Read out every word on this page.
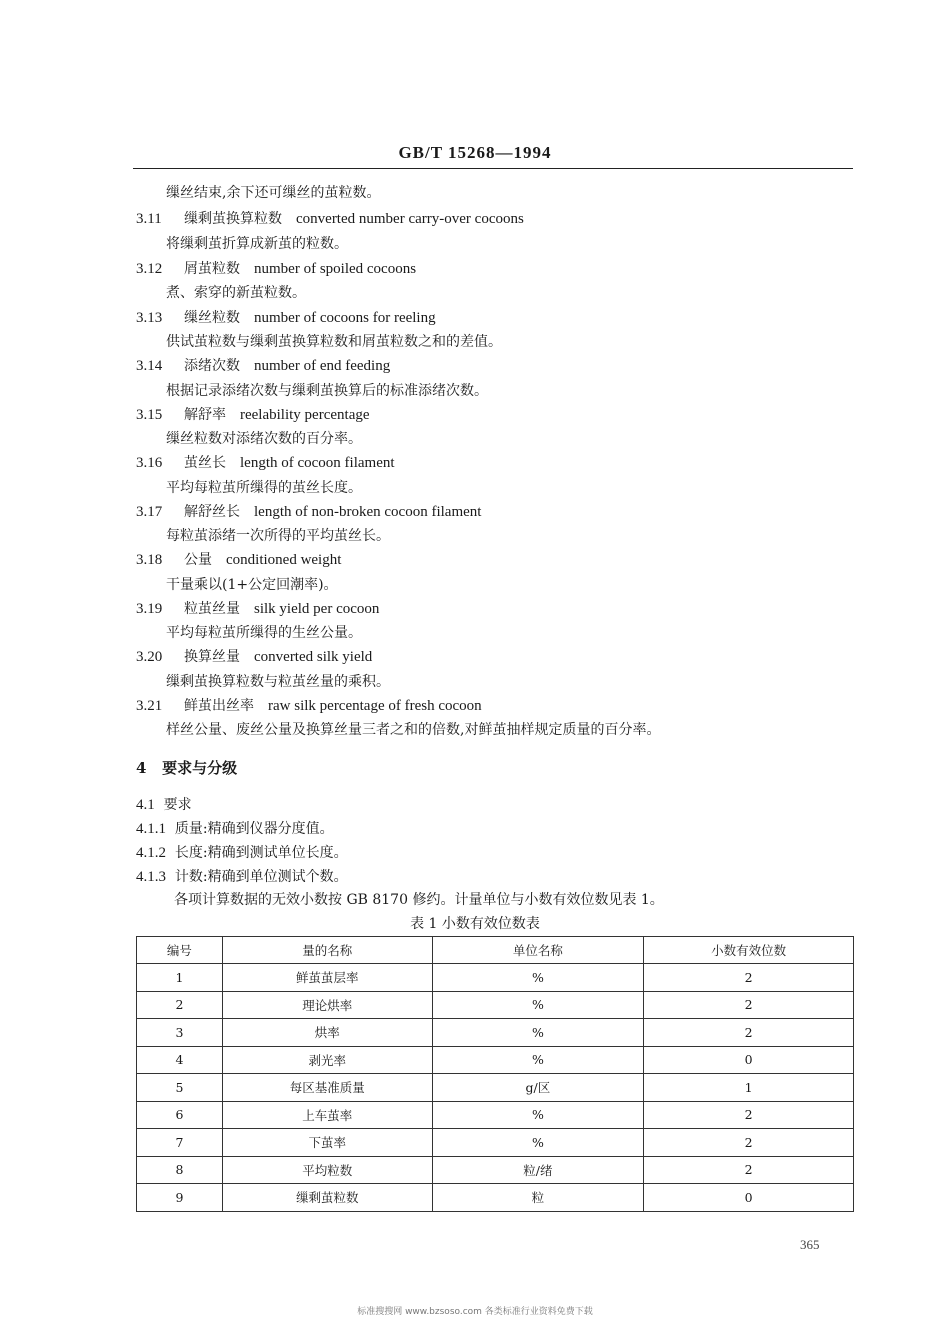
GB/T 15268—1994
缫丝结束,余下还可缫丝的茧粒数。
3.11 缫剩茧换算粒数 converted number carry-over cocoons
将缫剩茧折算成新茧的粒数。
3.12 屑茧粒数 number of spoiled cocoons
煮、索穿的新茧粒数。
3.13 缫丝粒数 number of cocoons for reeling
供试茧粒数与缫剩茧换算粒数和屑茧粒数之和的差值。
3.14 添绪次数 number of end feeding
根据记录添绪次数与缫剩茧换算后的标准添绪次数。
3.15 解舒率 reelability percentage
缫丝粒数对添绪次数的百分率。
3.16 茧丝长 length of cocoon filament
平均每粒茧所缫得的茧丝长度。
3.17 解舒丝长 length of non-broken cocoon filament
每粒茧添绪一次所得的平均茧丝长。
3.18 公量 conditioned weight
干量乘以(1+公定回潮率)。
3.19 粒茧丝量 silk yield per cocoon
平均每粒茧所缫得的生丝公量。
3.20 换算丝量 converted silk yield
缫剩茧换算粒数与粒茧丝量的乘积。
3.21 鲜茧出丝率 raw silk percentage of fresh cocoon
样丝公量、废丝公量及换算丝量三者之和的倍数,对鲜茧抽样规定质量的百分率。
4 要求与分级
4.1 要求
4.1.1 质量:精确到仪器分度值。
4.1.2 长度:精确到测试单位长度。
4.1.3 计数:精确到单位测试个数。
各项计算数据的无效小数按 GB 8170 修约。计量单位与小数有效位数见表 1。
表 1 小数有效位数表
编号	量的名称	单位名称	小数有效位数
1	鲜茧茧层率	%	2
2	理论烘率	%	2
3	烘率	%	2
4	剥光率	%	0
5	每区基准质量	g/区	1
6	上车茧率	%	2
7	下茧率	%	2
8	平均粒数	粒/绪	2
9	缫剩茧粒数	粒	0
365
标准搜搜网 www.bzsoso.com 各类标准行业资料免费下载
